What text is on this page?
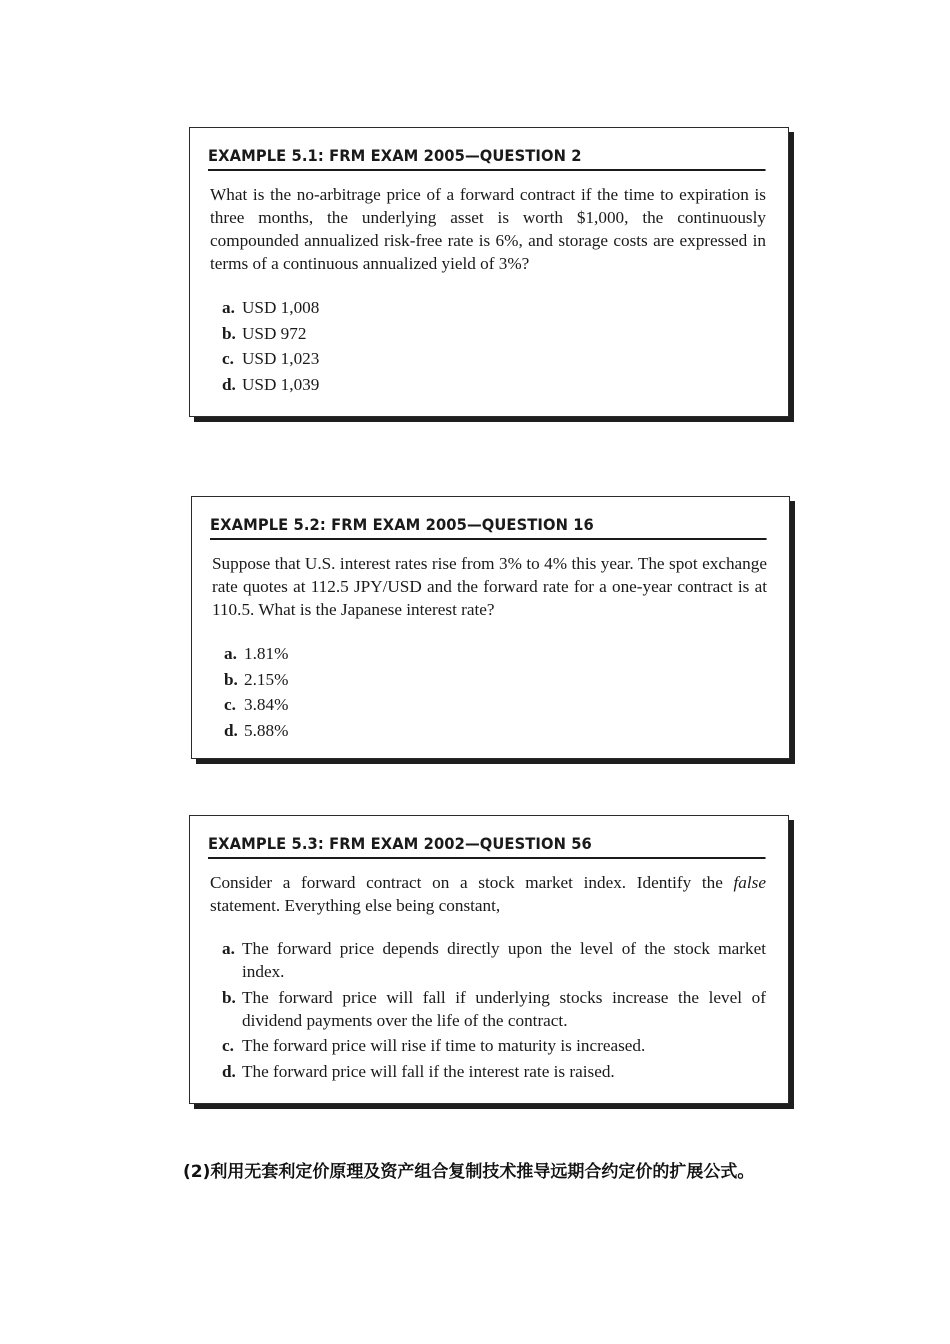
EXAMPLE 5.1: FRM EXAM 2005—QUESTION 2

What is the no-arbitrage price of a forward contract if the time to expiration is three months, the underlying asset is worth $1,000, the continuously compounded annualized risk-free rate is 6%, and storage costs are expressed in terms of a continuous annualized yield of 3%?

a. USD 1,008
b. USD 972
c. USD 1,023
d. USD 1,039
EXAMPLE 5.2: FRM EXAM 2005—QUESTION 16

Suppose that U.S. interest rates rise from 3% to 4% this year. The spot exchange rate quotes at 112.5 JPY/USD and the forward rate for a one-year contract is at 110.5. What is the Japanese interest rate?

a. 1.81%
b. 2.15%
c. 3.84%
d. 5.88%
EXAMPLE 5.3: FRM EXAM 2002—QUESTION 56

Consider a forward contract on a stock market index. Identify the false statement. Everything else being constant,

a. The forward price depends directly upon the level of the stock market index.
b. The forward price will fall if underlying stocks increase the level of dividend payments over the life of the contract.
c. The forward price will rise if time to maturity is increased.
d. The forward price will fall if the interest rate is raised.
(2)利用无套利定价原理及资产组合复制技术推导远期合约定价的扩展公式。
